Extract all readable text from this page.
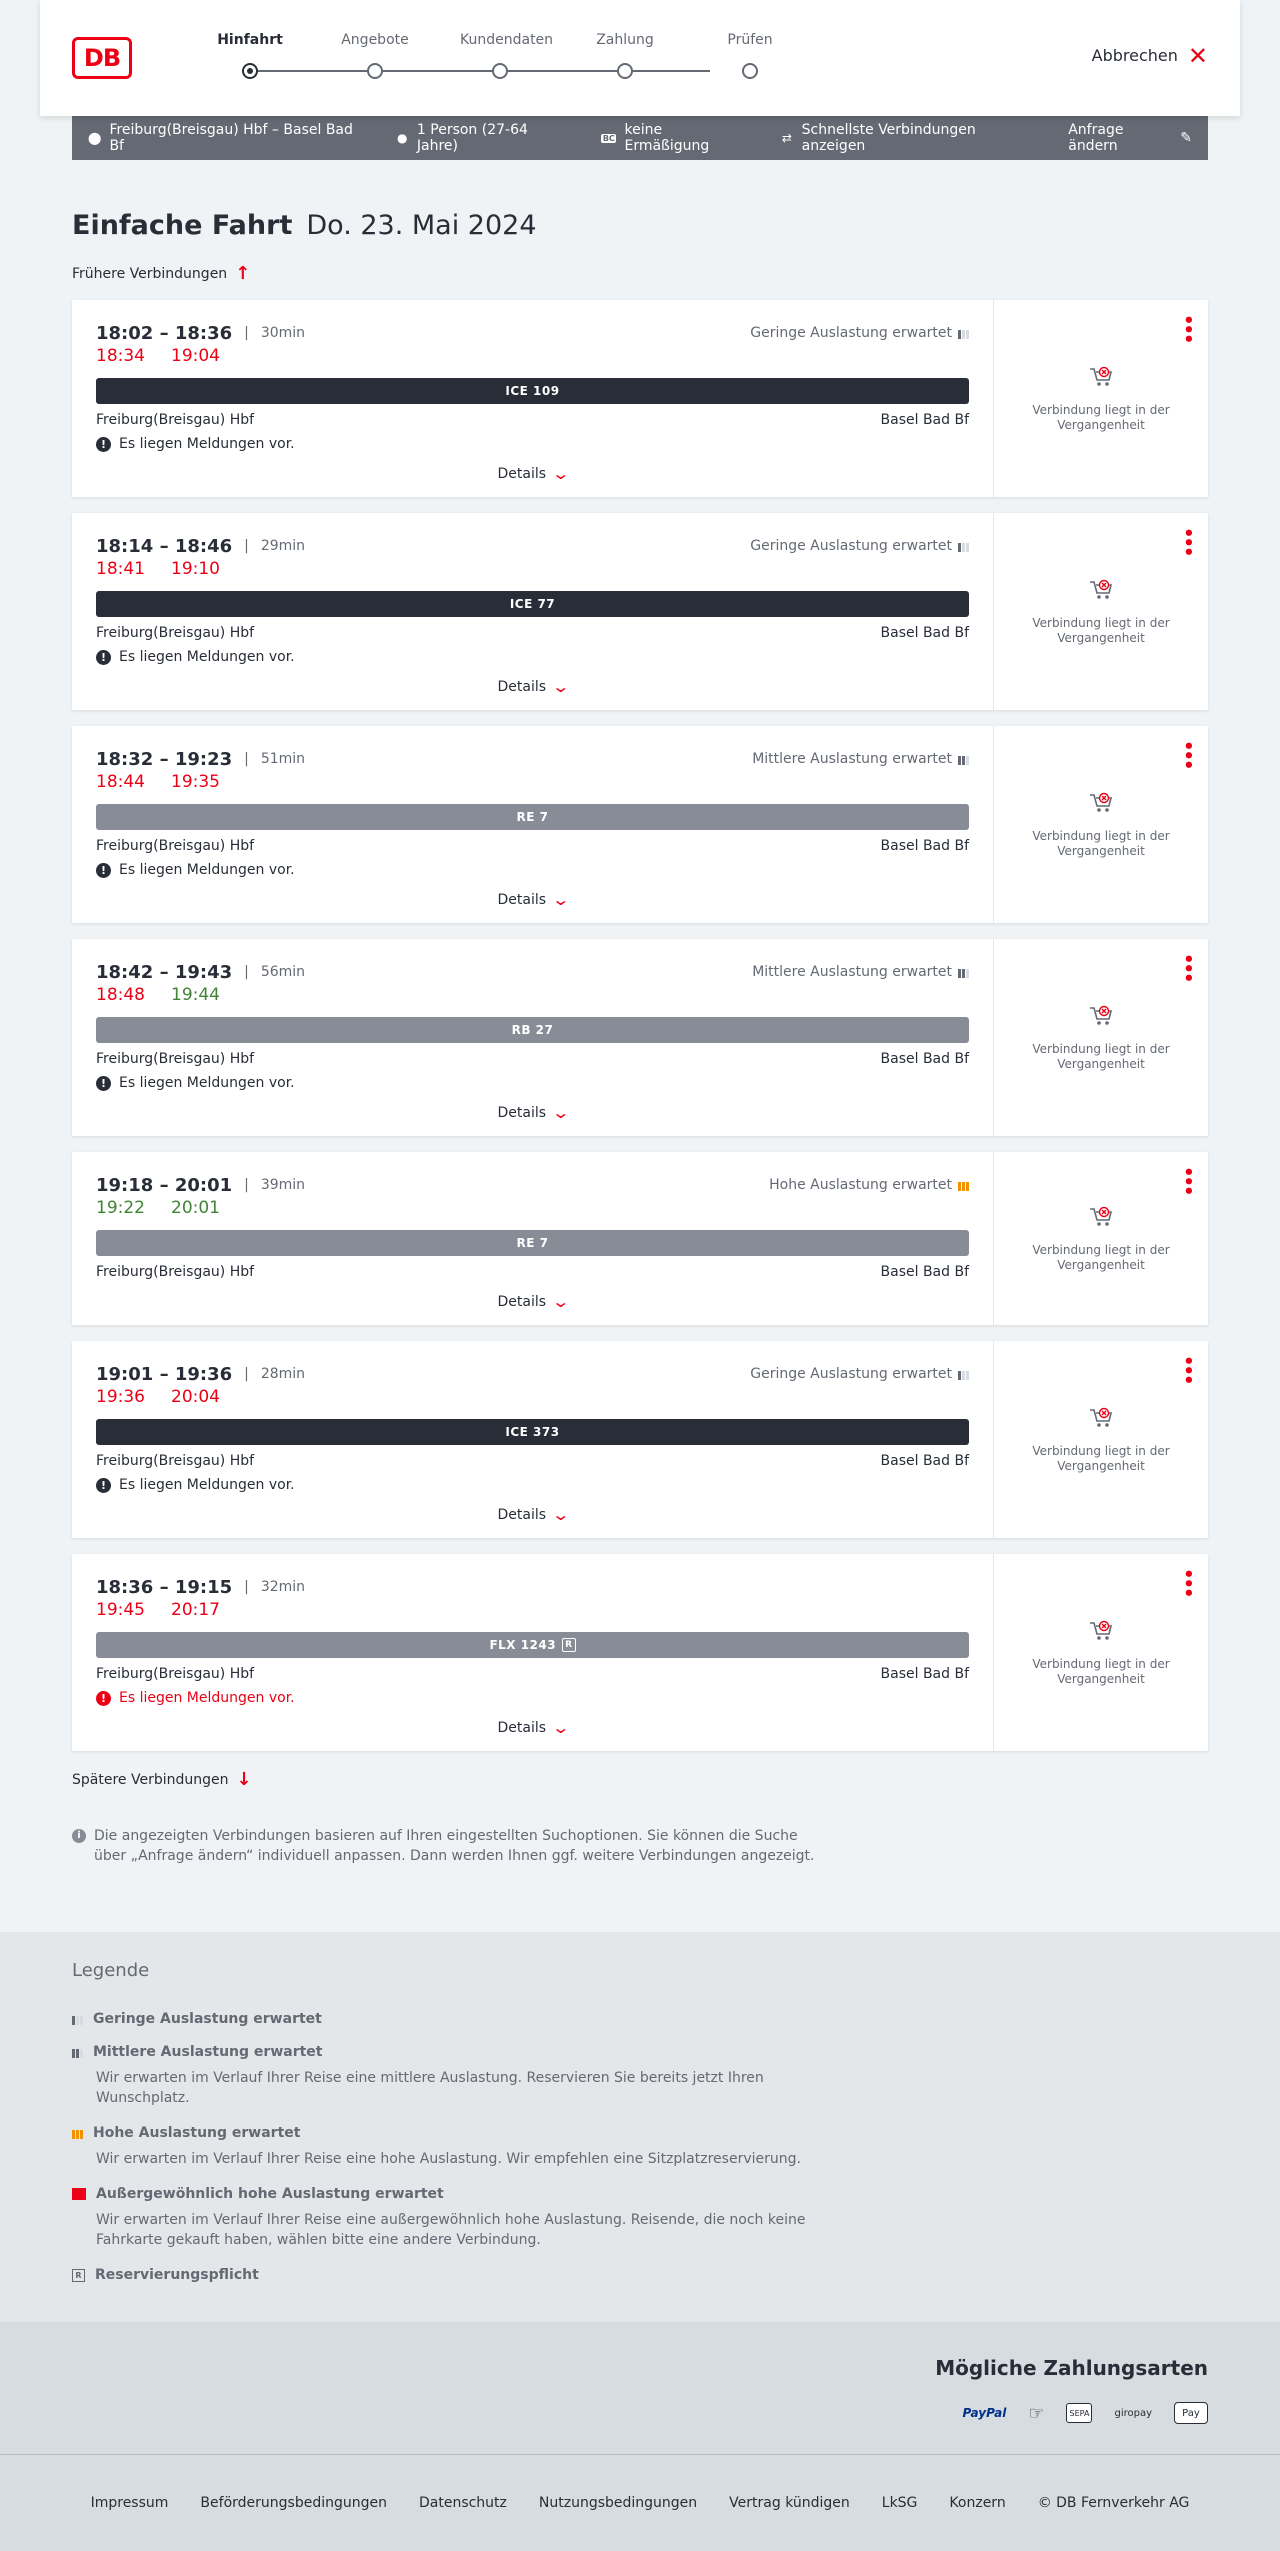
DB
Hinfahrt	Angebote	Kundendaten	Zahlung	Prüfen
Abbrechen ✕
⬤ Freiburg(Breisgau) Hbf – Basel Bad Bf	● 1 Person (27-64 Jahre)	BC keine Ermäßigung	⇄ Schnellste Verbindungen anzeigen
Anfrage ändern	✎
Einfache Fahrt Do. 23. Mai 2024
Frühere Verbindungen ↑
18:02 – 18:36 | 30min	Geringe Auslastung erwartet
18:34 19:04
ICE 109
Freiburg(Breisgau) Hbf	Basel Bad Bf
! Es liegen Meldungen vor.
Details ⌄
•••
Verbindung liegt in der Vergangenheit
18:14 – 18:46 | 29min	Geringe Auslastung erwartet
18:41 19:10
ICE 77
Freiburg(Breisgau) Hbf	Basel Bad Bf
! Es liegen Meldungen vor.
Details ⌄
•••
Verbindung liegt in der Vergangenheit
18:32 – 19:23 | 51min	Mittlere Auslastung erwartet
18:44 19:35
RE 7
Freiburg(Breisgau) Hbf	Basel Bad Bf
! Es liegen Meldungen vor.
Details ⌄
•••
Verbindung liegt in der Vergangenheit
18:42 – 19:43 | 56min	Mittlere Auslastung erwartet
18:48 19:44
RB 27
Freiburg(Breisgau) Hbf	Basel Bad Bf
! Es liegen Meldungen vor.
Details ⌄
•••
Verbindung liegt in der Vergangenheit
19:18 – 20:01 | 39min	Hohe Auslastung erwartet
19:22 20:01
RE 7
Freiburg(Breisgau) Hbf	Basel Bad Bf
Details ⌄
•••
Verbindung liegt in der Vergangenheit
19:01 – 19:36 | 28min	Geringe Auslastung erwartet
19:36 20:04
ICE 373
Freiburg(Breisgau) Hbf	Basel Bad Bf
! Es liegen Meldungen vor.
Details ⌄
•••
Verbindung liegt in der Vergangenheit
18:36 – 19:15 | 32min
19:45 20:17
FLX 1243	R
Freiburg(Breisgau) Hbf	Basel Bad Bf
! Es liegen Meldungen vor.
Details ⌄
•••
Verbindung liegt in der Vergangenheit
Spätere Verbindungen ↓
i Die angezeigten Verbindungen basieren auf Ihren eingestellten Suchoptionen. Sie können die Suche über „Anfrage ändern“ individuell anpassen. Dann werden Ihnen ggf. weitere Verbindungen angezeigt.
Legende
Geringe Auslastung erwartet
Mittlere Auslastung erwartet
Wir erwarten im Verlauf Ihrer Reise eine mittlere Auslastung. Reservieren Sie bereits jetzt Ihren Wunschplatz.
Hohe Auslastung erwartet
Wir erwarten im Verlauf Ihrer Reise eine hohe Auslastung. Wir empfehlen eine Sitzplatzreservierung.
Außergewöhnlich hohe Auslastung erwartet
Wir erwarten im Verlauf Ihrer Reise eine außergewöhnlich hohe Auslastung. Reisende, die noch keine Fahrkarte gekauft haben, wählen bitte eine andere Verbindung.
R Reservierungspflicht
Mögliche Zahlungsarten
PayPal ☞	SEPA	giropay	Pay
Impressum Beförderungsbedingungen Datenschutz Nutzungsbedingungen Vertrag kündigen LkSG Konzern © DB Fernverkehr AG
